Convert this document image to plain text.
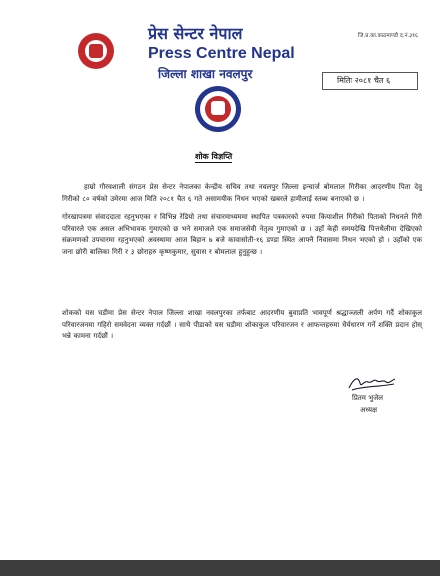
प्रेस सेन्टर नेपाल
Press Centre Nepal
जिल्ला शाखा नवलपुर
जि.प्र.का.काठमाण्डौ द.नं.३१६
मितिः २०८१ चैत ६
शोक विज्ञप्ति

हाम्रो गौरवशाली संगठन प्रेस सेन्टर नेपालका केन्द्रीय सचिव तथा नवलपुर जिल्ला इन्चार्ज बोमलाल गिरीका आदरणीय पिता देवु गिरीको ८० वर्षको उमेरमा आज मिति २०८१ चैत ६ गते असामयीक निधन भएको खबरले हामीलाई स्तब्ध बनाएको छ ।

गोरखापत्रमा संवाददाता रहनुभएका र विभिन्न रेडियो तथा संचारमाध्यममा स्थापित पत्रकारको रुपमा कियाशील गिरीको पिताको निधनले गिरी परिवारले एक असल अभिभावक गुमाएको छ भने समाजले एक समाजसेवी नेतृत्व गुमाएको छ । उहाँ केही समयदेखि पित्तथैलीमा देखिएको संक्रमणको उपचारमा रहनुभएको अवस्थामा आज बिहान ७ बजे कावासोती-१६ डण्डा स्थित आफ्नै निवासमा निधन भएको हो । उहाँको एक जना छोरी बालिका गिरी र ३ छोराहरु कृष्णकुमार, सुवास र बोमलाल हुनुहुन्छ ।

शोकको यस घडीमा प्रेस सेन्टर नेपाल जिल्ला शाखा नवलपुरका तर्फबाट आदरणीय बुवाप्रति भावपूर्ण श्रद्धाञ्जली अर्पण गर्दै शोकाकुल परिवारजनमा गहिरो समवेदना व्यक्त गर्दछौं । साथै पीडाको यस घडीमा शोकाकुल परिवारजन र आफन्तहरुमा धैर्यधारण गर्ने शक्ति प्रदान होस् भन्ने कामना गर्दछौं ।

प्रितम भुजेल
अध्यक्ष
